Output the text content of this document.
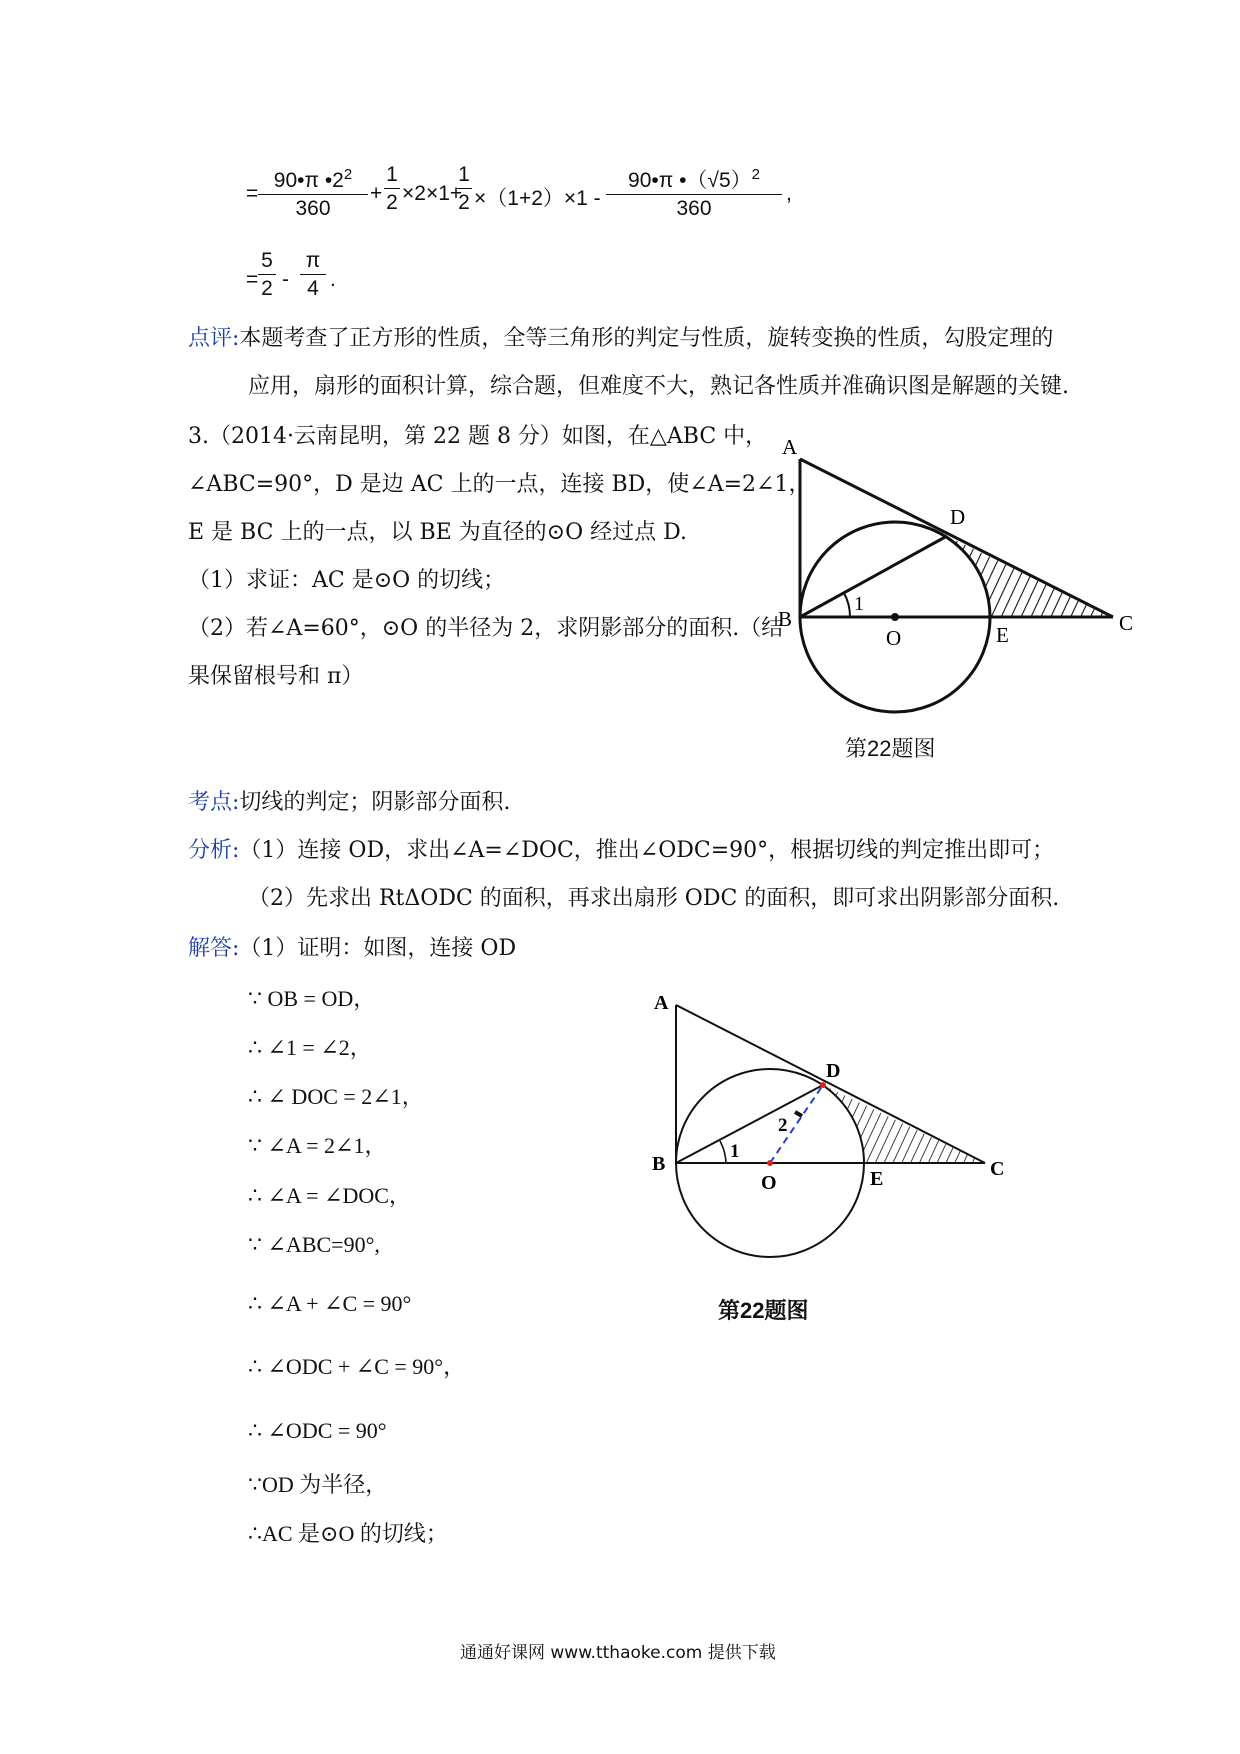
= $\frac{90•\pi •2^2}{360} + \frac{1}{2} \times 2\times 1+$
$\frac{1}{2} \times(1+2)\times 1 - \frac{90•\pi •(√5)^2}{360}$ ,
= $\frac{5}{2} - \frac{\pi}{4}$ .
点评:本题考查了正方形的性质，全等三角形的判定与性质，旋转变换的性质，勾股定理的
应用，扇形的面积计算，综合题，但难度不大，熟记各性质并准确识图是解题的关键.
3.（2014·云南昆明，第 22 题 8 分）如图，在△ABC 中，
∠ABC=90°，D 是边 AC 上的一点，连接 BD，使∠A=2∠1，
E 是 BC 上的一点，以 BE 为直径的⊙O 经过点 D.
（1）求证：AC 是⊙O 的切线；
（2）若∠A=60°，⊙O 的半径为 2，求阴影部分的面积.（结
果保留根号和 π）
A
B	C
D
E
O
1
第22题图
考点:切线的判定；阴影部分面积.
分析:（1）连接 OD，求出∠A=∠DOC，推出∠ODC=90°，根据切线的判定推出即可；
（2）先求出 RtΔODC 的面积，再求出扇形 ODC 的面积，即可求出阴影部分面积.
解答:（1）证明：如图，连接 OD
∵ OB = OD，
∴ ∠1 = ∠2，
∴ ∠ DOC = 2∠1，
∵ ∠A = 2∠1，
∴ ∠A = ∠DOC，
∵ ∠ABC=90°,
∴ ∠A + ∠C = 90°
∴ ∠ODC + ∠C = 90°，
∴ ∠ODC = 90°
∵OD 为半径，
∴AC 是⊙O 的切线；
A
B	C
D
E
O
1
2
第22题图
通通好课网 www.tthaoke.com 提供下载
